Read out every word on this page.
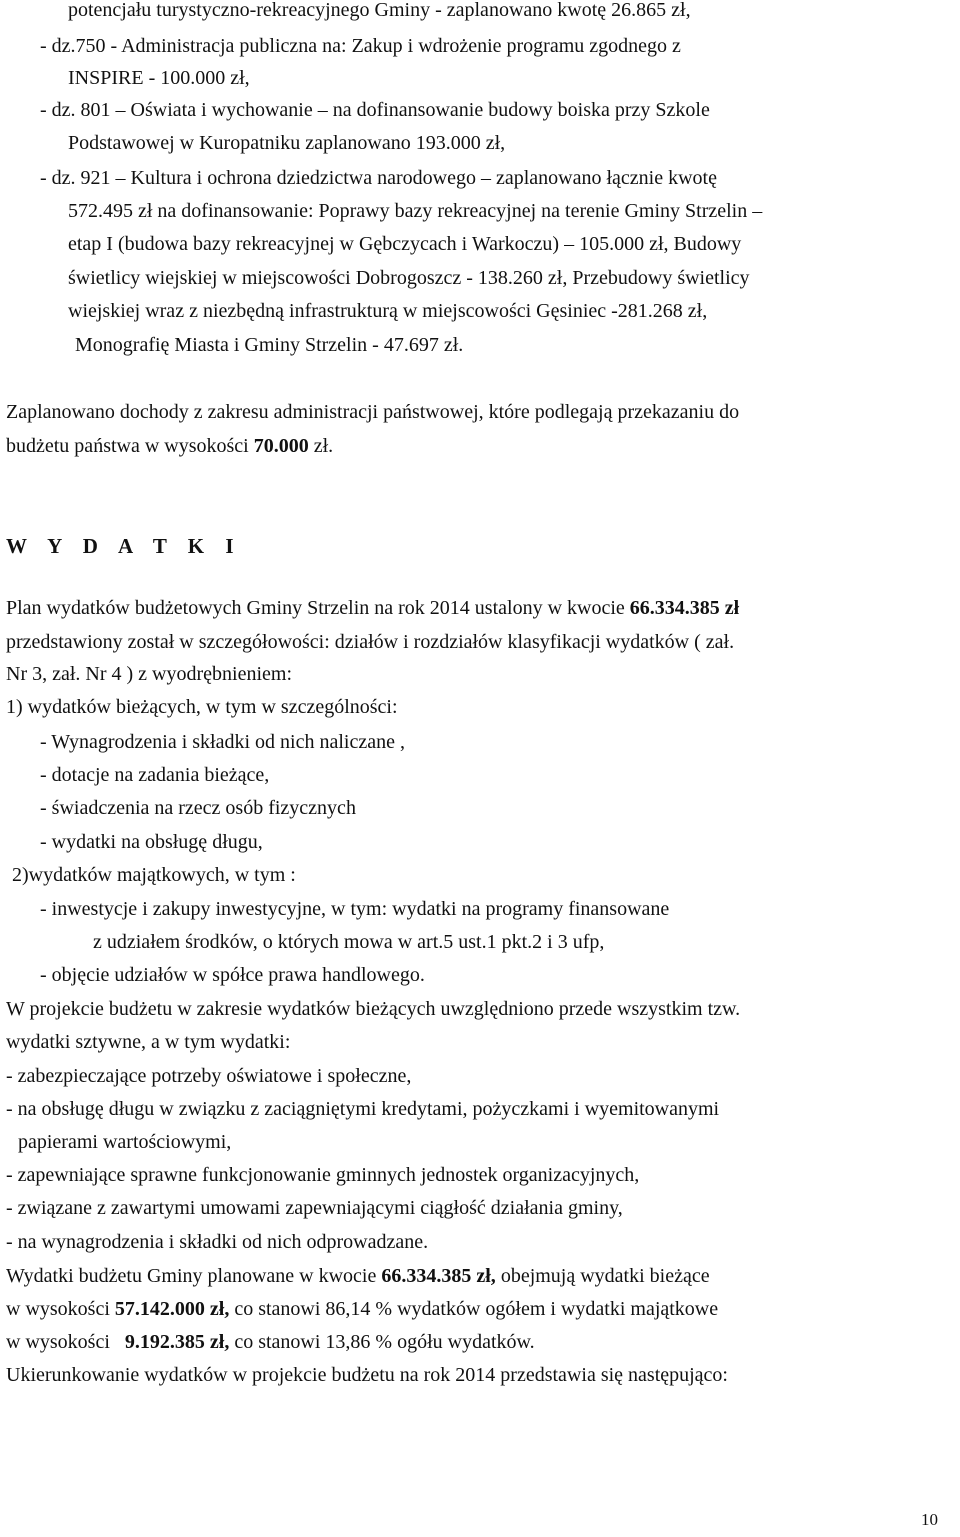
potencjału turystyczno-rekreacyjnego Gminy - zaplanowano kwotę 26.865 zł,
- dz.750 - Administracja publiczna na: Zakup i wdrożenie programu zgodnego z
INSPIRE - 100.000 zł,
- dz. 801 – Oświata i wychowanie – na dofinansowanie budowy boiska przy Szkole
Podstawowej w Kuropatniku zaplanowano 193.000 zł,
- dz. 921 – Kultura i ochrona dziedzictwa narodowego – zaplanowano łącznie kwotę
572.495 zł na dofinansowanie: Poprawy bazy rekreacyjnej na terenie Gminy Strzelin –
etap I (budowa bazy rekreacyjnej w Gębczycach i Warkoczu) – 105.000 zł, Budowy
świetlicy wiejskiej w miejscowości Dobrogoszcz - 138.260 zł, Przebudowy świetlicy
wiejskiej wraz z niezbędną infrastrukturą w miejscowości Gęsiniec -281.268 zł,
Monografię Miasta i Gminy Strzelin - 47.697 zł.
Zaplanowano dochody z zakresu administracji państwowej, które podlegają przekazaniu do
budżetu państwa w wysokości 70.000 zł.
W Y D A T K I
Plan wydatków budżetowych Gminy Strzelin na rok 2014 ustalony w kwocie 66.334.385 zł
przedstawiony został w szczegółowości: działów i rozdziałów klasyfikacji wydatków ( zał.
Nr 3, zał. Nr 4 ) z wyodrębnieniem:
1) wydatków bieżących, w tym w szczególności:
- Wynagrodzenia i składki od nich naliczane ,
- dotacje na zadania bieżące,
- świadczenia na rzecz osób fizycznych
- wydatki na obsługę długu,
2)wydatków majątkowych, w tym :
- inwestycje i zakupy inwestycyjne, w tym: wydatki na programy finansowane
z udziałem środków, o których mowa w art.5 ust.1 pkt.2 i 3 ufp,
- objęcie udziałów w spółce prawa handlowego.
W projekcie budżetu w zakresie wydatków bieżących uwzględniono przede wszystkim tzw.
wydatki sztywne, a w tym wydatki:
- zabezpieczające potrzeby oświatowe i społeczne,
- na obsługę długu w związku z zaciągniętymi kredytami, pożyczkami i wyemitowanymi
papierami wartościowymi,
- zapewniające sprawne funkcjonowanie gminnych jednostek organizacyjnych,
- związane z zawartymi umowami zapewniającymi ciągłość działania gminy,
- na wynagrodzenia i składki od nich odprowadzane.
Wydatki budżetu Gminy planowane w kwocie 66.334.385 zł, obejmują wydatki bieżące
w wysokości 57.142.000 zł, co stanowi 86,14 % wydatków ogółem i wydatki majątkowe
w wysokości   9.192.385 zł, co stanowi 13,86 % ogółu wydatków.
Ukierunkowanie wydatków w projekcie budżetu na rok 2014 przedstawia się następująco:
10
